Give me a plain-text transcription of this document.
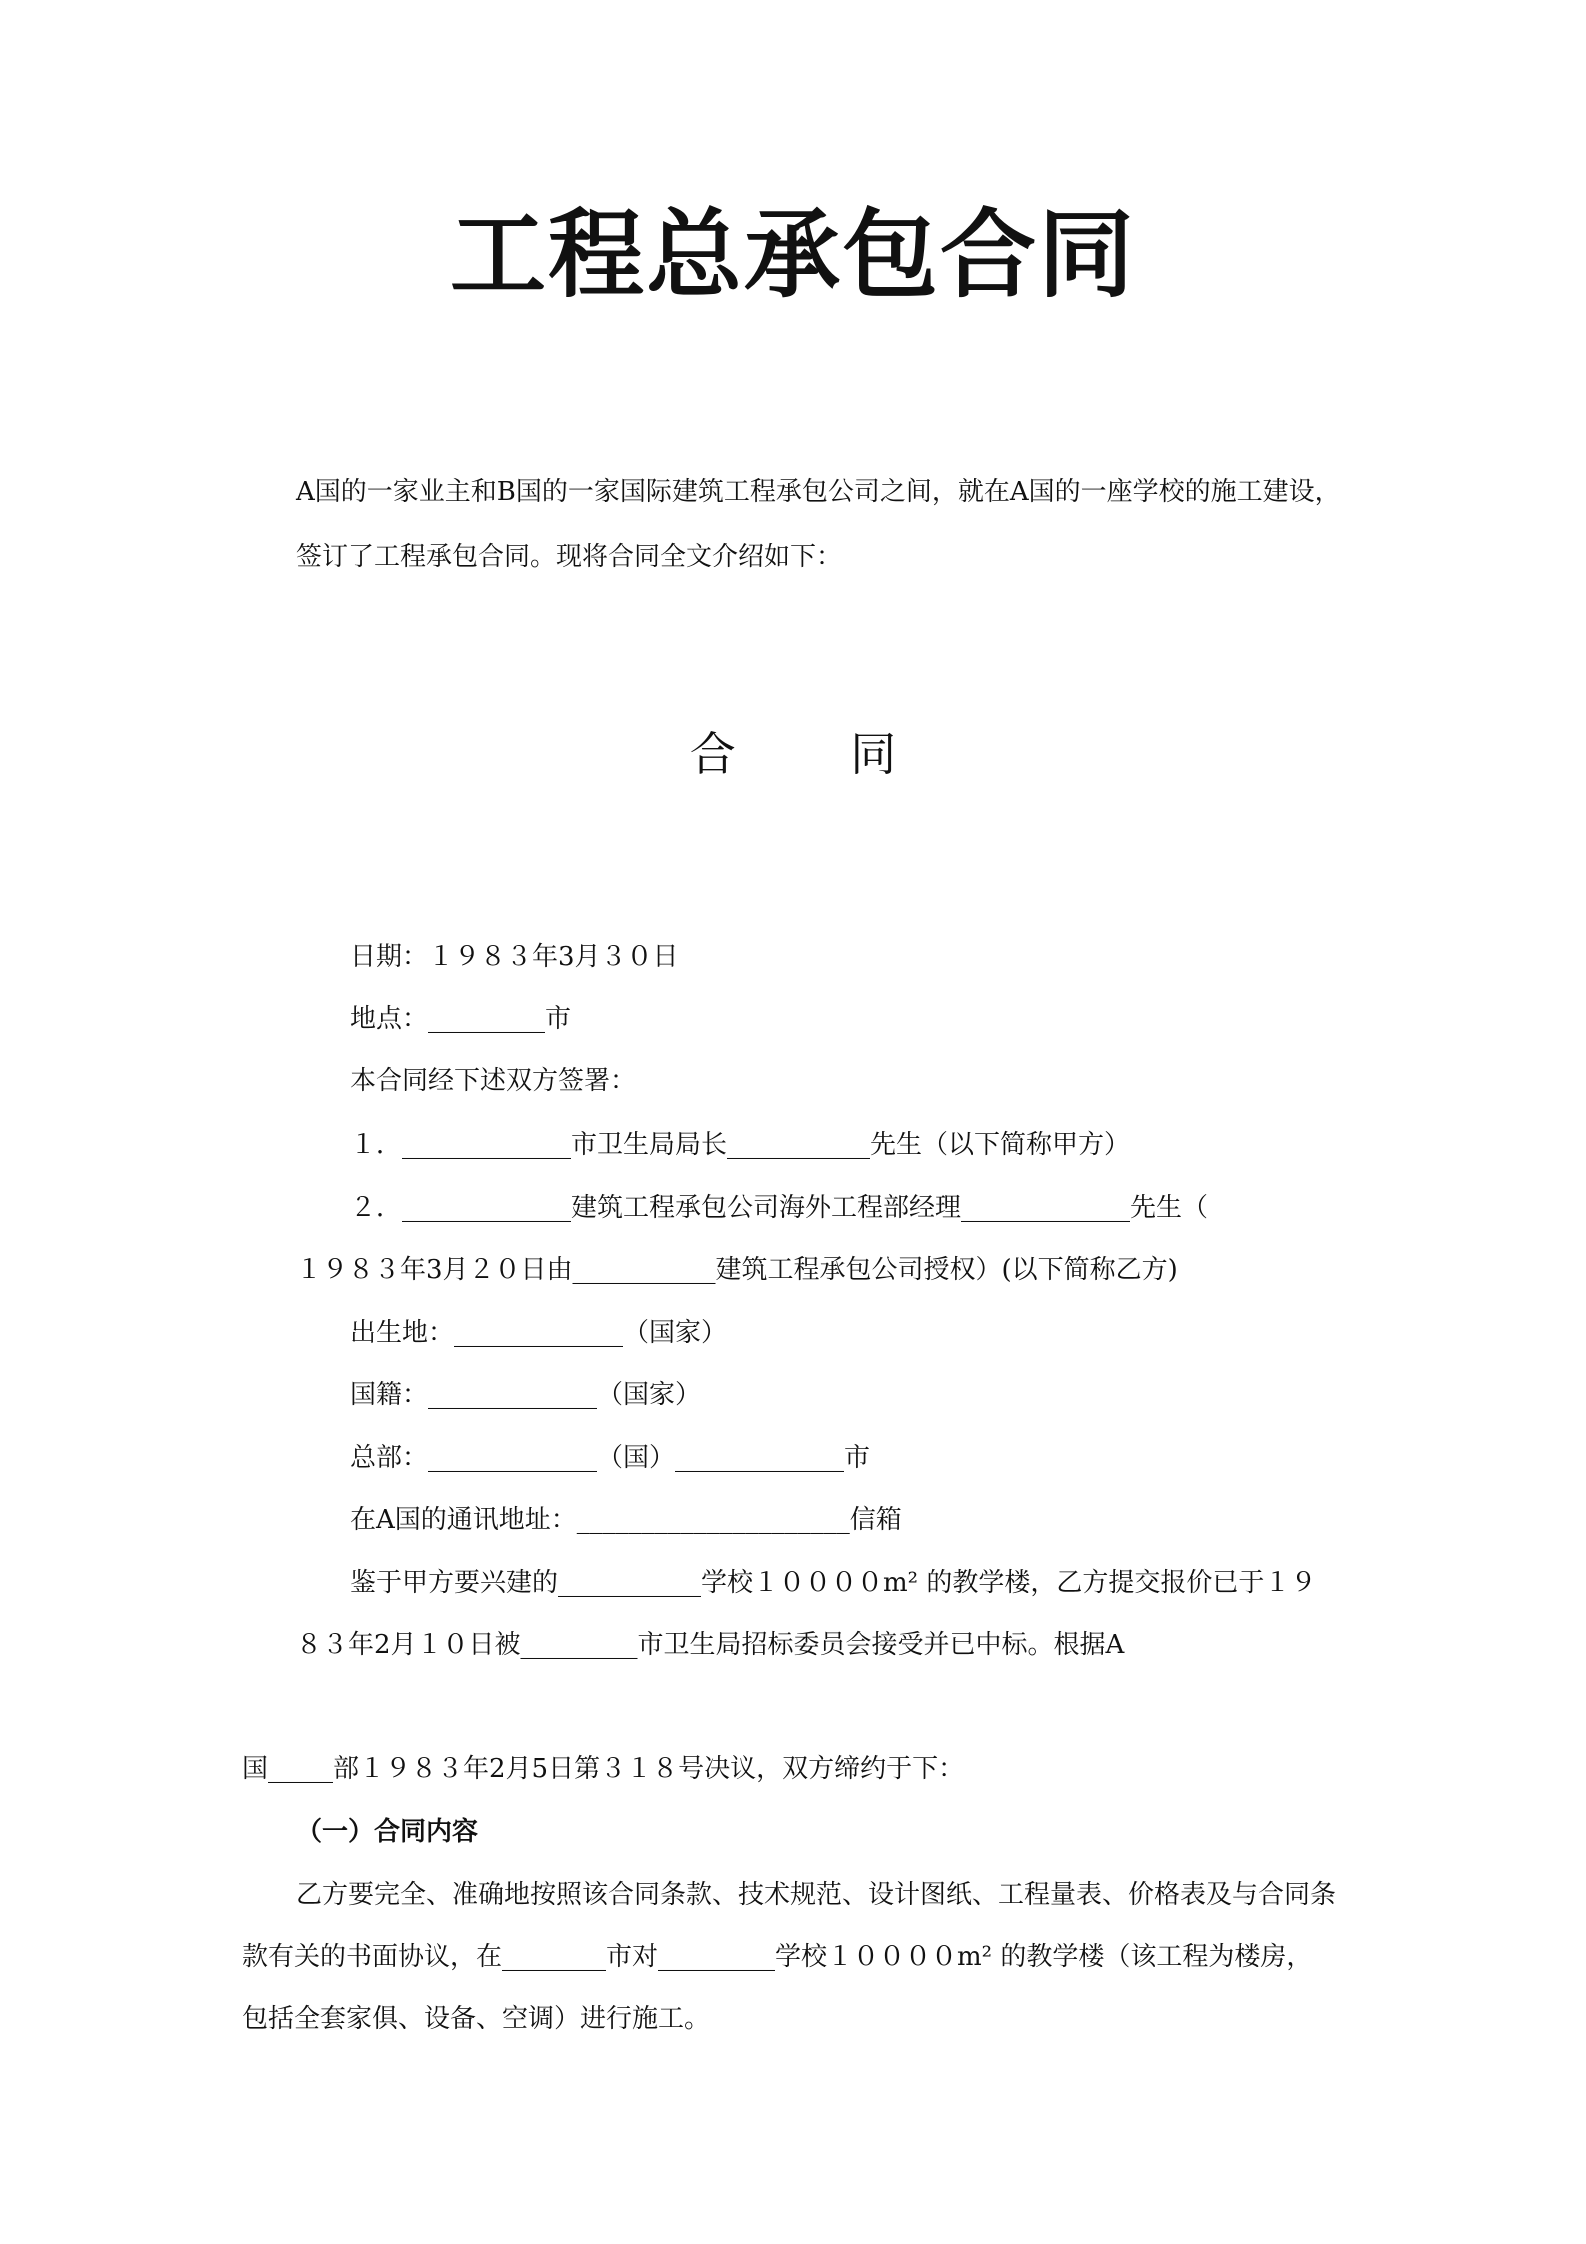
工程总承包合同
A国的一家业主和B国的一家国际建筑工程承包公司之间，就在A国的一座学校的施工建设，
签订了工程承包合同。现将合同全文介绍如下：
合 同
日期：１９８３年3月３０日
地点：_________市
本合同经下述双方签署：
１．_____________市卫生局局长___________先生（以下简称甲方）
２．_____________建筑工程承包公司海外工程部经理_____________先生（
１９８３年3月２０日由___________建筑工程承包公司授权）(以下简称乙方)
出生地：_____________（国家）
国籍：_____________（国家）
总部：_____________（国）_____________市
在A国的通讯地址：_____________________信箱
鉴于甲方要兴建的___________学校１００００m² 的教学楼，乙方提交报价已于１９
８３年2月１０日被_________市卫生局招标委员会接受并已中标。根据A
国_____部１９８３年2月5日第３１８号决议，双方缔约于下：
（一）合同内容
乙方要完全、准确地按照该合同条款、技术规范、设计图纸、工程量表、价格表及与合同条
款有关的书面协议，在________市对_________学校１００００m² 的教学楼（该工程为楼房，
包括全套家俱、设备、空调）进行施工。
